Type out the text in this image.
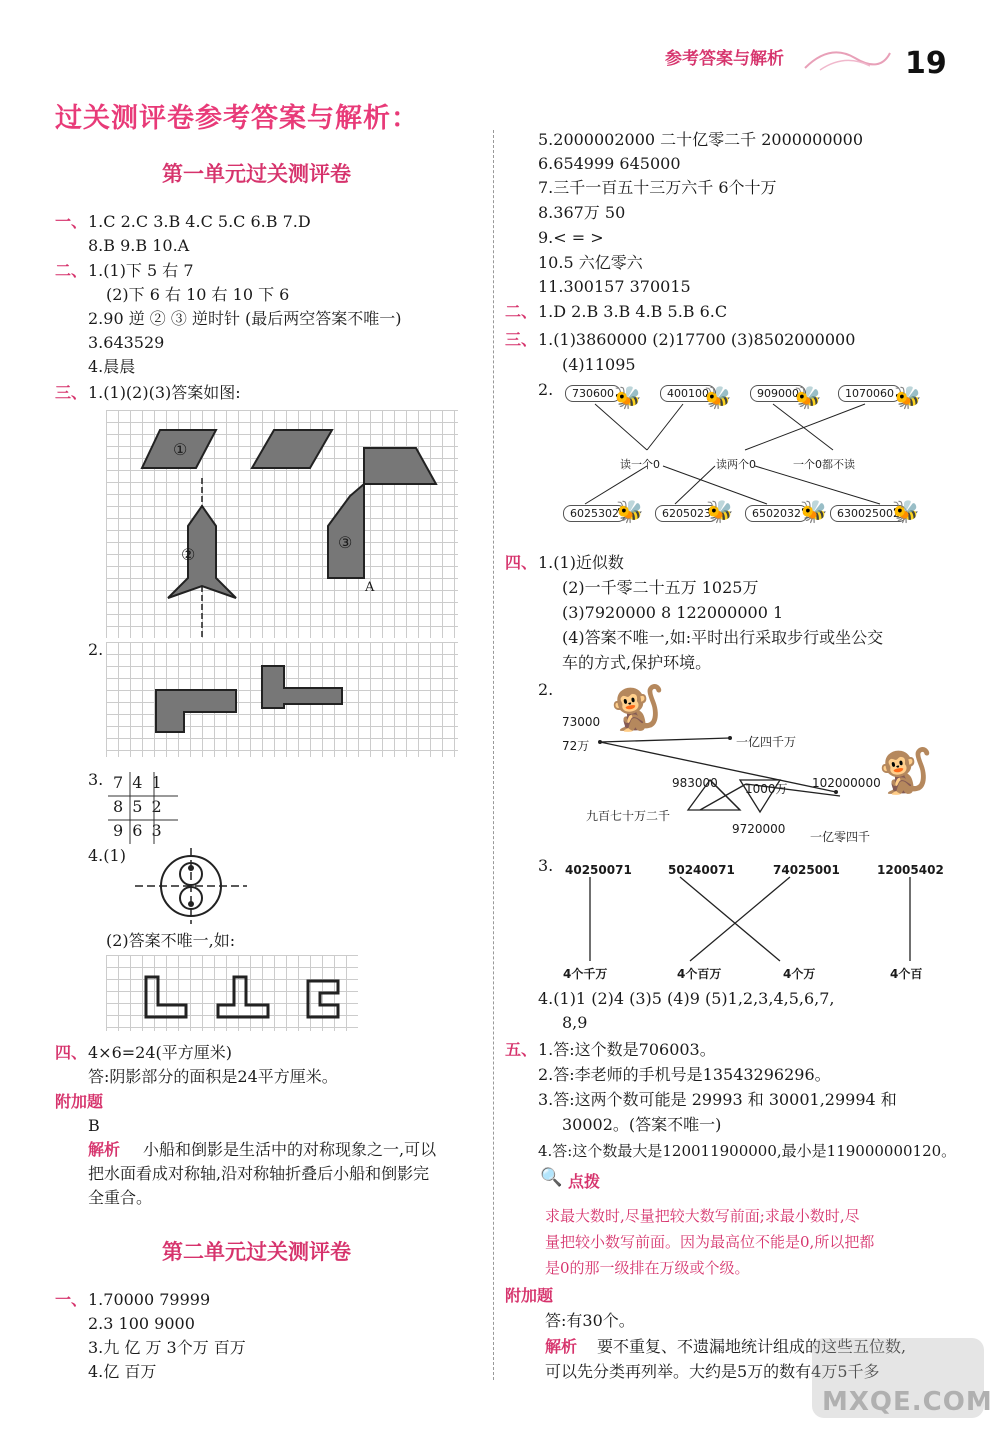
参考答案与解析	19
过关测评卷参考答案与解析：
第一单元过关测评卷
一、 1.C 2.C 3.B 4.C 5.C 6.B 7.D
8.B 9.B 10.A
二、 1.(1)下 5 右 7
(2)下 6 右 10 右 10 下 6
2.90 逆 ② ③ 逆时针 (最后两空答案不唯一)
3.643529
4.晨晨
三、 1.(1)(2)(3)答案如图:
①
②
③
A
2.
3. 7 4 1
8 5 2
9 6 3
4.(1)
(2)答案不唯一,如:
四、 4×6=24(平方厘米)
答:阴影部分的面积是24平方厘米。
附加题
B
解析 小船和倒影是生活中的对称现象之一,可以
把水面看成对称轴,沿对称轴折叠后小船和倒影完
全重合。
第二单元过关测评卷
一、 1.70000 79999
2.3 100 9000
3.九 亿 万 3个万 百万
4.亿 百万
5.2000002000 二十亿零二千 2000000000
6.654999 645000
7.三千一百五十三万六千 6个十万
8.367万 50
9.< = >
10.5 六亿零六
11.300157 370015
二、 1.D 2.B 3.B 4.B 5.B 6.C
三、 1.(1)3860000 (2)17700 (3)8502000000
(4)11095
2.	730600	400100	909000	1070060
🐝	🐝	🐝	🐝
读一个0	读两个0	一个0都不读
6025302	6205023	6502032	630025002
🐝	🐝	🐝	🐝
四、 1.(1)近似数
(2)一千零二十五万 1025万
(3)7920000 8 122000000 1
(4)答案不唯一,如:平时出行采取步行或坐公交
车的方式,保护环境。
2. 🐒
🐒
73000
72万	一亿四千万
983000 1000万 102000000
九百七十万二千
9720000
一亿零四千
3. 40250071	50240071	74025001	12005402
4个千万	4个百万	4个万	4个百
4.(1)1 (2)4 (3)5 (4)9 (5)1,2,3,4,5,6,7,
8,9
五、 1.答:这个数是706003。
2.答:李老师的手机号是13543296296。
3.答:这两个数可能是 29993 和 30001,29994 和
30002。(答案不唯一)
4.答:这个数最大是120011900000,最小是119000000120。
🔍 点拨
求最大数时,尽量把较大数写前面;求最小数时,尽
量把较小数写前面。因为最高位不能是0,所以把都
是0的那一级排在万级或个级。
附加题
答:有30个。
解析 要不重复、不遗漏地统计组成的这些五位数,
可以先分类再列举。大约是5万的数有4万5千多
MXQE.COM
